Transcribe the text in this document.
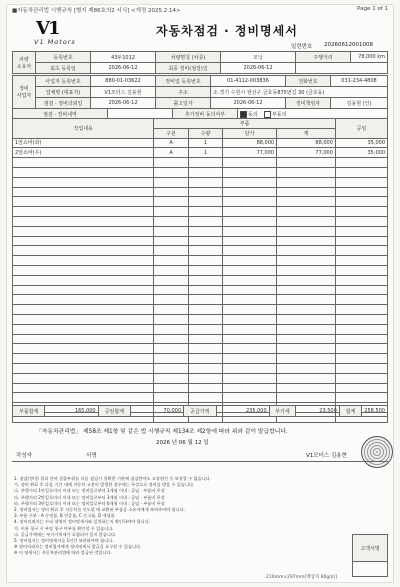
■자동차관리법 시행규칙 [별지 제86호의2 서식] <개정 2025.2.14>	Page 1 of 1
V1
V1 Motors
자동차점검 · 정비명세서
일련번호 20260612001008
차량
소유자	등록번호	43두1012	차량명칭 (차종)	모닝	주행거리	78,000 km
	최초 등록일	2026-06-12	최종 정비(점검)일	2026-06-12		
정비
사업자	사업자 등록번호	880-01-03622	정비업 등록번호	01-4112-003836	전화번호	031-234-4808
	업체명 (대표자)	V1모터스 김용현	주소	소 경기 수원시 권선구 금호동875번길 30 (금호동)		
	점검 · 정비의뢰일	2026-06-12	출고일자	2026-06-12	정비책임자	김용현 (인)
점검 · 정비내역		추가정비 동의여부	동의	부동의
작업내용	부품				공임
	구분	수량	단가	계	
1앞쇼바(좌)	A	1	88,000	88,000	35,000
2앞쇼바(우)	A	1	77,000	77,000	35,000

부품합계	165,000	공임합계	70,000	공급가액	235,000	부가세	23,500	합계	258,500
「자동차관리법」 제58조 제1항 및 같은 법 시행규칙 제134조 제2항에 따라 위와 같이 발급합니다.
2026 년 06 월 12 일
작성자	서명	V1모터스 김용현
1. 점검(정비) 결과 잔여 결함부위를 다음 점검시 정확한 기관에 점검받아도 고장원인 등 보장할 수 없습니다.
가. 정비 완료 후 다음 기간 내에 자동차 고장이 발생한 경우에는 무상으로 정비를 받을 수 있습니다.
나. 주행거리 1만킬로미터 이내 또는 정비일로부터 1개월 이내 : 공임 · 부품비 무상
다. 주행거리 2만킬로미터 이내 또는 정비일로부터 3개월 이내 : 공임 · 부품비 무상
라. 주행거리 3만킬로미터 이내 또는 정비일로부터 6개월 이내 : 공임 · 부품비 무상
2. 정비업자는 정비 완료 후 자동차를 인도할 때 교환된 부품을 소유자에게 보여주어야 합니다.
3. 부품 구분 : A 순정품, B 인증품, C 중고품, D 재생품
4. 정비의뢰자는 수리 내역이 정비명세서와 일치하는지 확인하여야 합니다.
가. 비용 청구 시 부당 청구 여부를 확인할 수 있습니다.
나. 공급가액에는 부가가치세가 포함되어 있지 않습니다.
5. 정비업자는 정비명세서를 1년간 보관하여야 합니다.
※ 정비의뢰자는 정비업자에게 정비명세서 발급을 요구할 수 있습니다.
※ 이 명세서는 자동차관리법에 따라 발급된 것입니다.
고객서명

210mm×297mm[백상지 80g/㎡]
